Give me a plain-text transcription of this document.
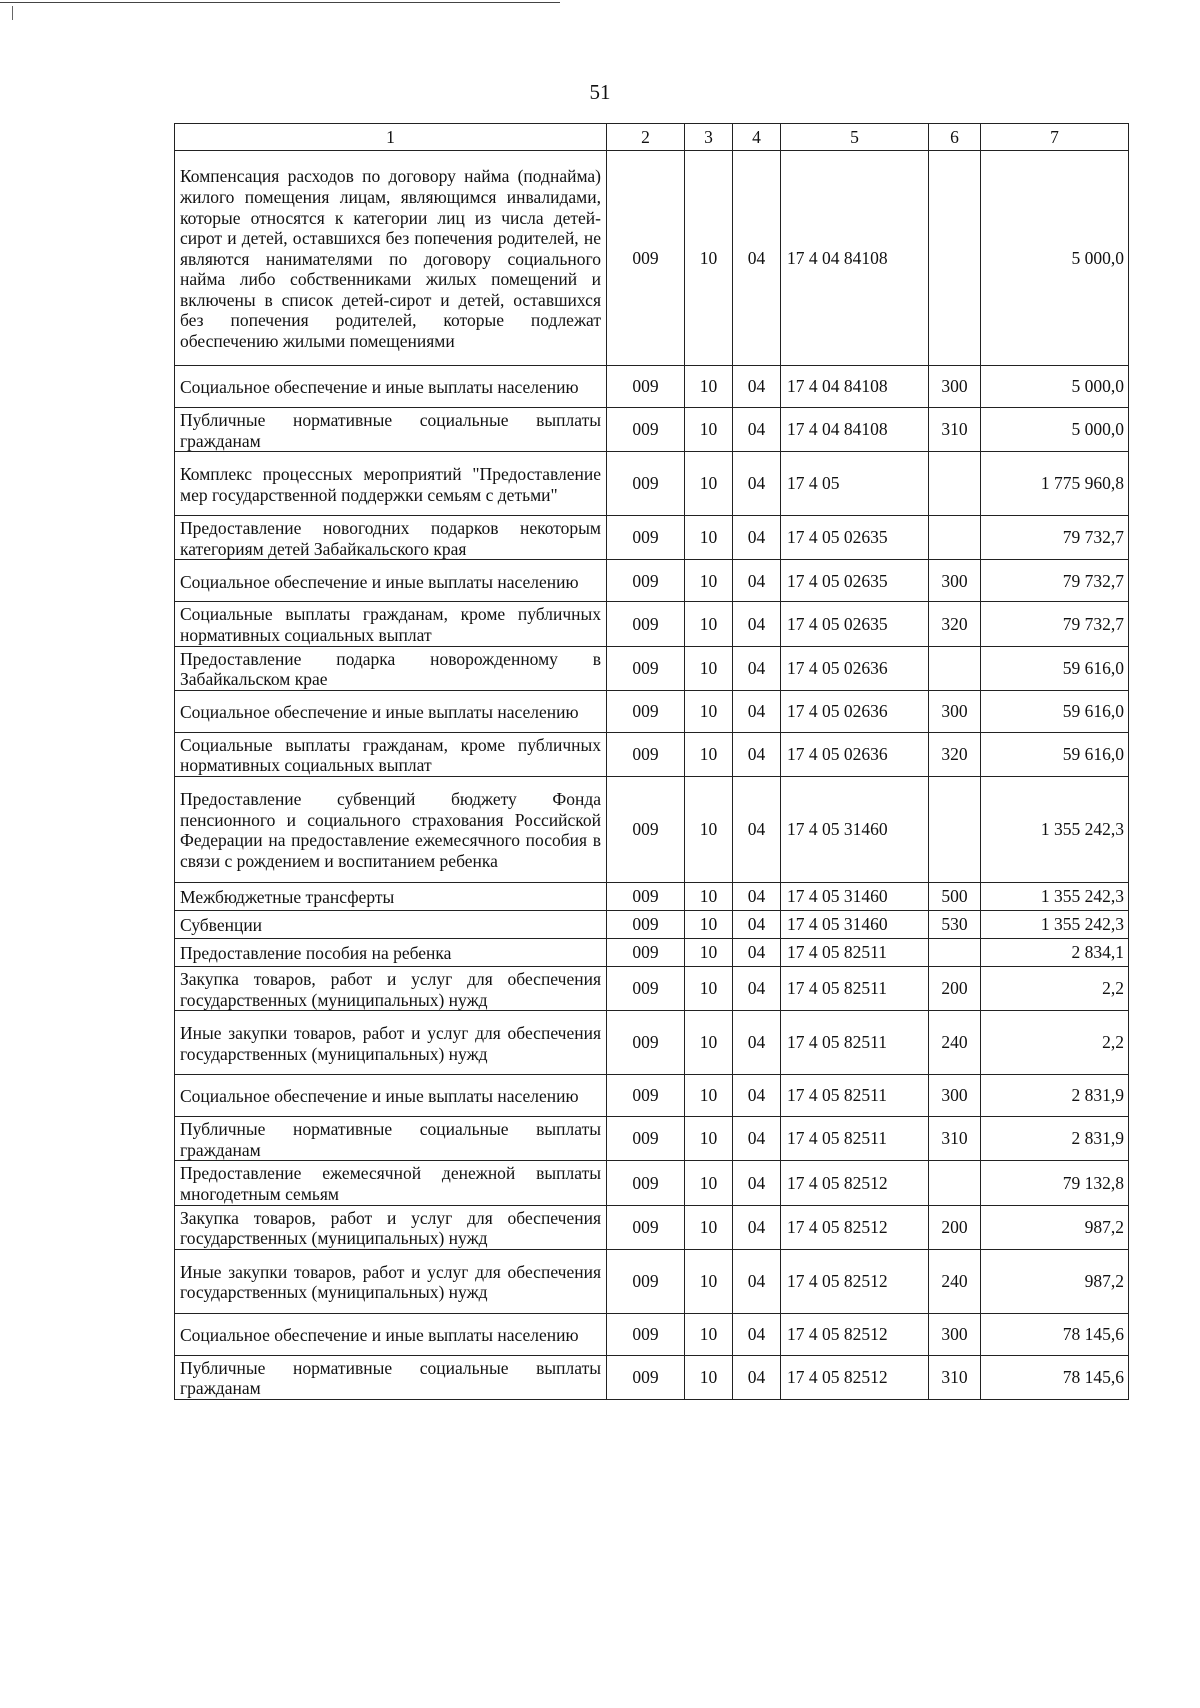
51
1	2	3	4	5	6	7
Компенсация расходов по договору найма (поднайма) жилого помещения лицам, являющимся инвалидами, которые относятся к категории лиц из числа детей-сирот и детей, оставшихся без попечения родителей, не являются нанимателями по договору социального найма либо собственниками жилых помещений и включены в список детей-сирот и детей, оставшихся без попечения родителей, которые подлежат обеспечению жилыми помещениями	009	10	04	17 4 04 84108		5 000,0
Социальное обеспечение и иные выплаты населению	009	10	04	17 4 04 84108	300	5 000,0
Публичные нормативные социальные выплаты гражданам	009	10	04	17 4 04 84108	310	5 000,0
Комплекс процессных мероприятий "Предоставление мер государственной поддержки семьям с детьми"	009	10	04	17 4 05		1 775 960,8
Предоставление новогодних подарков некоторым категориям детей Забайкальского края	009	10	04	17 4 05 02635		79 732,7
Социальное обеспечение и иные выплаты населению	009	10	04	17 4 05 02635	300	79 732,7
Социальные выплаты гражданам, кроме публичных нормативных социальных выплат	009	10	04	17 4 05 02635	320	79 732,7
Предоставление подарка новорожденному в Забайкальском крае	009	10	04	17 4 05 02636		59 616,0
Социальное обеспечение и иные выплаты населению	009	10	04	17 4 05 02636	300	59 616,0
Социальные выплаты гражданам, кроме публичных нормативных социальных выплат	009	10	04	17 4 05 02636	320	59 616,0
Предоставление субвенций бюджету Фонда пенсионного и социального страхования Российской Федерации на предоставление ежемесячного пособия в связи с рождением и воспитанием ребенка	009	10	04	17 4 05 31460		1 355 242,3
Межбюджетные трансферты	009	10	04	17 4 05 31460	500	1 355 242,3
Субвенции	009	10	04	17 4 05 31460	530	1 355 242,3
Предоставление пособия на ребенка	009	10	04	17 4 05 82511		2 834,1
Закупка товаров, работ и услуг для обеспечения государственных (муниципальных) нужд	009	10	04	17 4 05 82511	200	2,2
Иные закупки товаров, работ и услуг для обеспечения государственных (муниципальных) нужд	009	10	04	17 4 05 82511	240	2,2
Социальное обеспечение и иные выплаты населению	009	10	04	17 4 05 82511	300	2 831,9
Публичные нормативные социальные выплаты гражданам	009	10	04	17 4 05 82511	310	2 831,9
Предоставление ежемесячной денежной выплаты многодетным семьям	009	10	04	17 4 05 82512		79 132,8
Закупка товаров, работ и услуг для обеспечения государственных (муниципальных) нужд	009	10	04	17 4 05 82512	200	987,2
Иные закупки товаров, работ и услуг для обеспечения государственных (муниципальных) нужд	009	10	04	17 4 05 82512	240	987,2
Социальное обеспечение и иные выплаты населению	009	10	04	17 4 05 82512	300	78 145,6
Публичные нормативные социальные выплаты гражданам	009	10	04	17 4 05 82512	310	78 145,6
